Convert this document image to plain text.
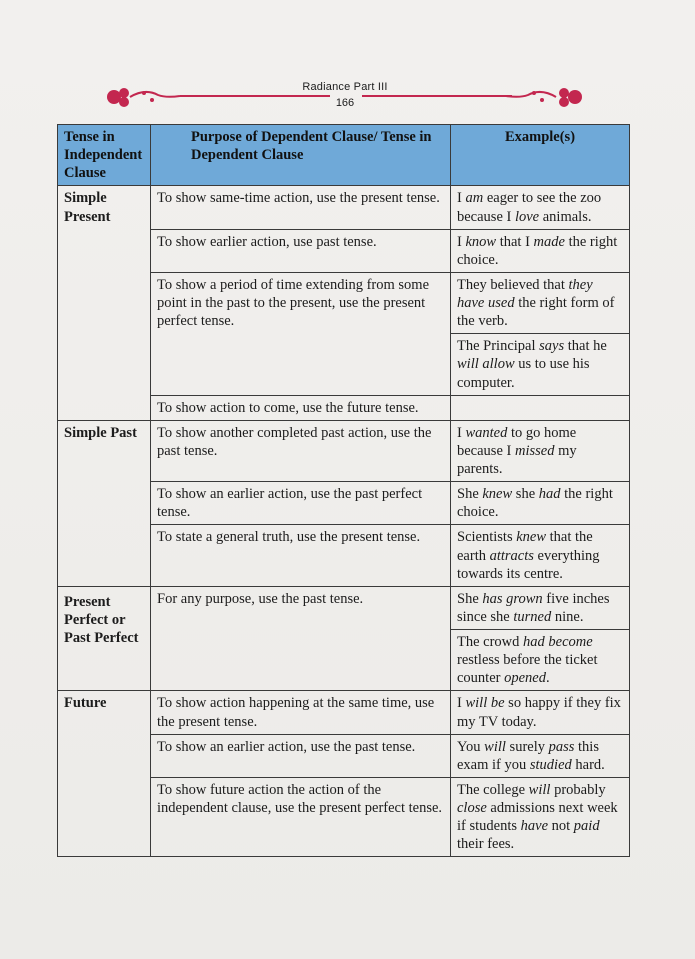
Radiance Part III
166
Tense in Independent Clause	Purpose of Dependent Clause/ Tense in Dependent Clause	Example(s)
Simple Present	To show same-time action, use the present tense.	I am eager to see the zoo because I love animals.
	To show earlier action, use past tense.	I know that I made the right choice.
	To show a period of time extending from some point in the past to the present, use the present perfect tense.	They believed that they have used the right form of the verb.
		The Principal says that he will allow us to use his computer.
	To show action to come, use the future tense.	
Simple Past	To show another completed past action, use the past tense.	I wanted to go home because I missed my parents.
	To show an earlier action, use the past perfect tense.	She knew she had the right choice.
	To state a general truth, use the present tense.	Scientists knew that the earth attracts everything towards its centre.
Present Perfect or Past Perfect	For any purpose, use the past tense.	She has grown five inches since she turned nine.
		The crowd had become restless before the ticket counter opened.
Future	To show action happening at the same time, use the present tense.	I will be so happy if they fix my TV today.
	To show an earlier action, use the past tense.	You will surely pass this exam if you studied hard.
	To show future action the action of the independent clause, use the present perfect tense.	The college will probably close admissions next week if students have not paid their fees.
